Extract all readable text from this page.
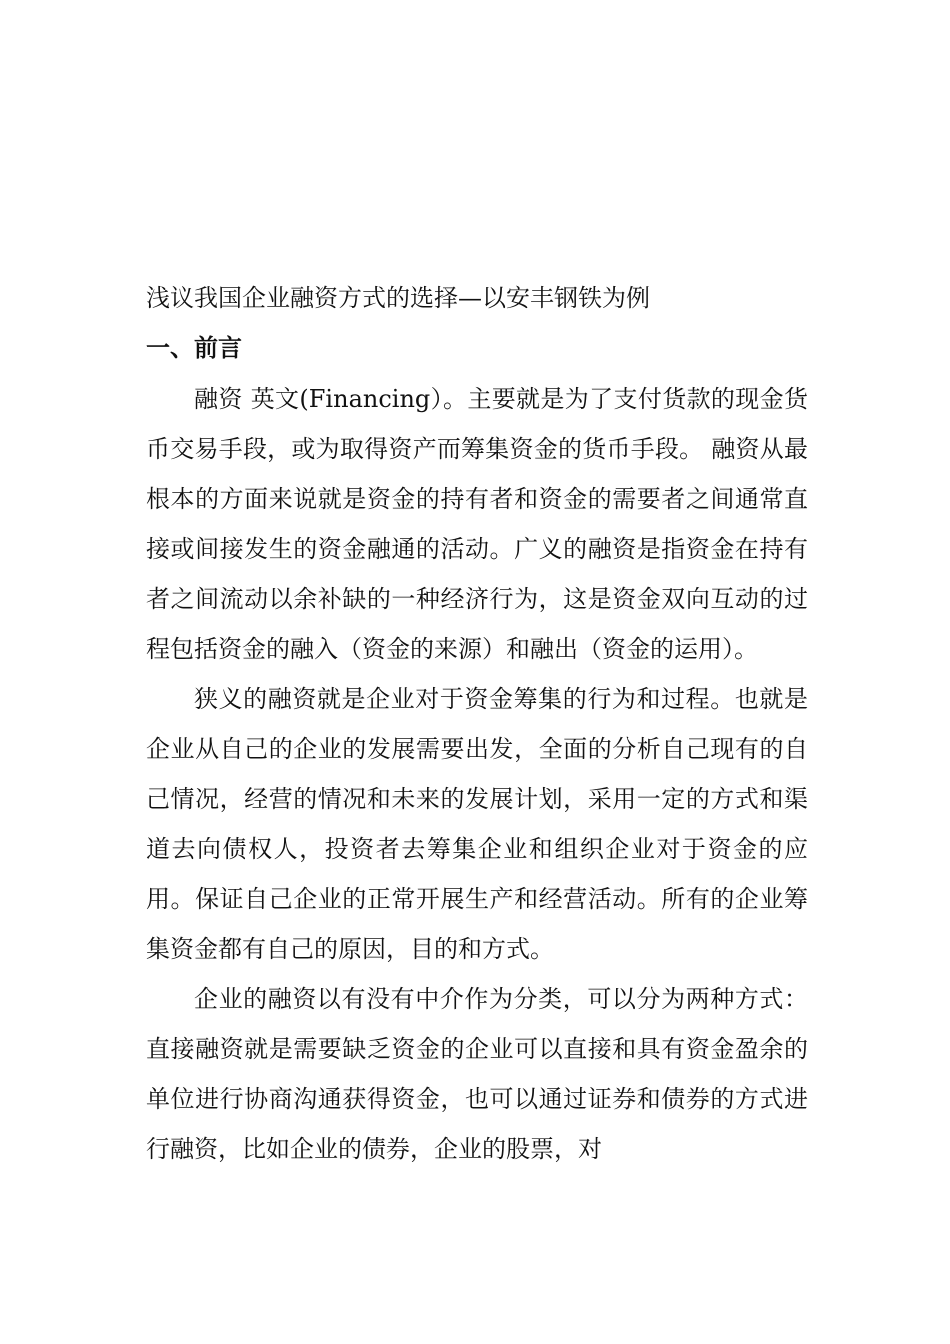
浅议我国企业融资方式的选择—以安丰钢铁为例

一、前言

融资 英文(Financing）。主要就是为了支付货款的现金货币交易手段，或为取得资产而筹集资金的货币手段。 融资从最根本的方面来说就是资金的持有者和资金的需要者之间通常直接或间接发生的资金融通的活动。广义的融资是指资金在持有者之间流动以余补缺的一种经济行为，这是资金双向互动的过程包括资金的融入（资金的来源）和融出（资金的运用）。

狭义的融资就是企业对于资金筹集的行为和过程。也就是企业从自己的企业的发展需要出发，全面的分析自己现有的自己情况，经营的情况和未来的发展计划，采用一定的方式和渠道去向债权人，投资者去筹集企业和组织企业对于资金的应用。保证自己企业的正常开展生产和经营活动。所有的企业筹集资金都有自己的原因，目的和方式。

企业的融资以有没有中介作为分类，可以分为两种方式：直接融资就是需要缺乏资金的企业可以直接和具有资金盈余的单位进行协商沟通获得资金，也可以通过证券和债券的方式进行融资，比如企业的债券，企业的股票，对
